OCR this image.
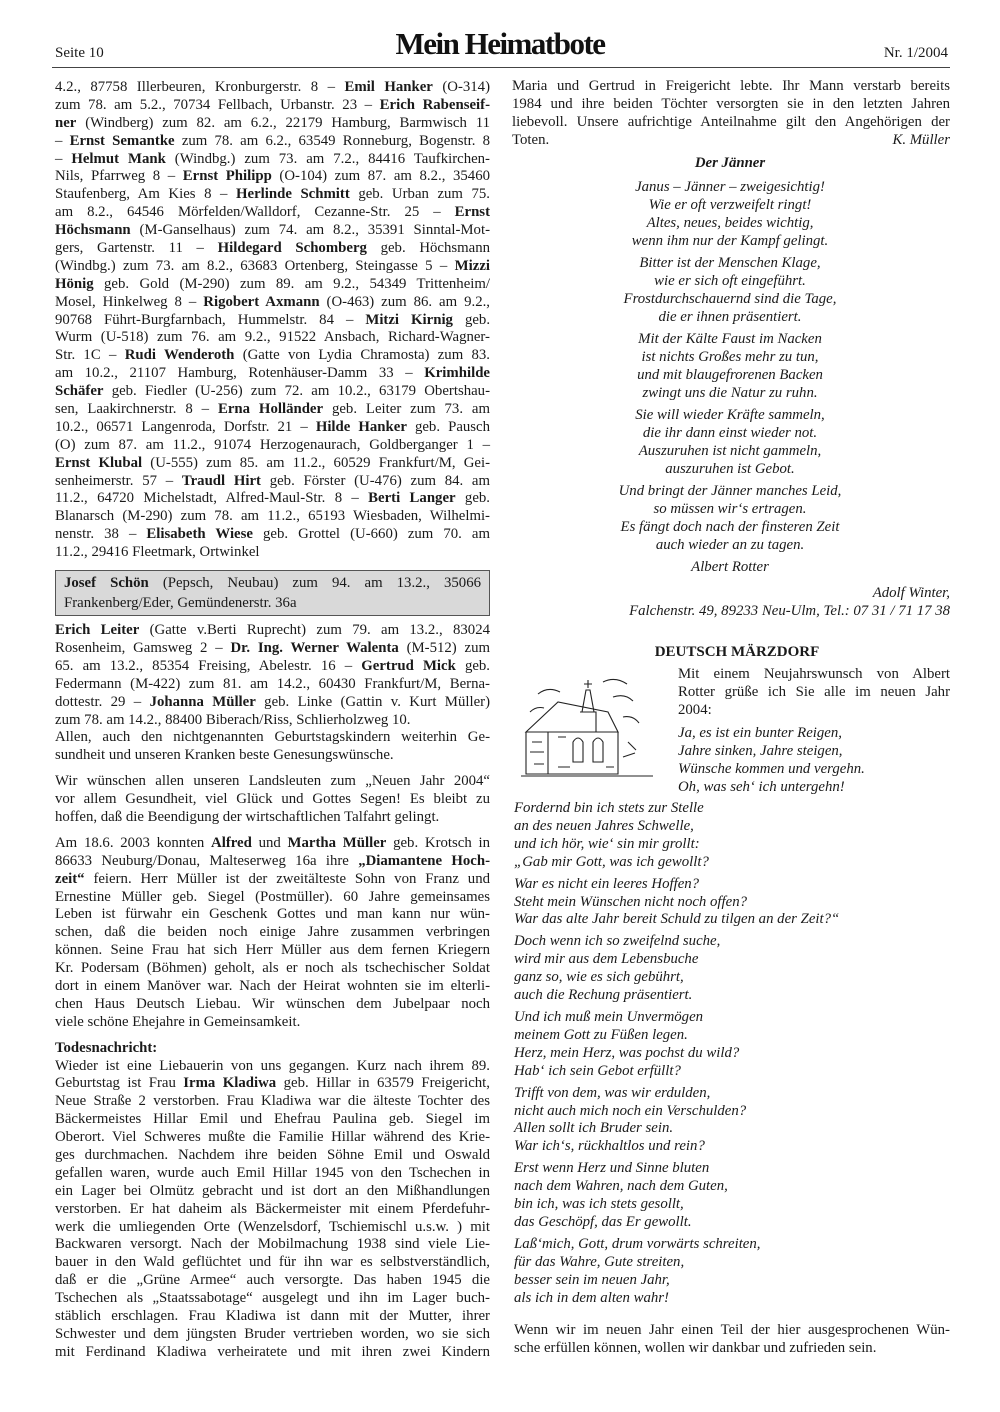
Seite 10	Mein Heimatbote	Nr. 1/2004
4.2., 87758 Illerbeuren, Kronburgerstr. 8 – Emil Hanker (O-314)
zum 78. am 5.2., 70734 Fellbach, Urbanstr. 23 – Erich Rabenseif-
ner (Windberg) zum 82. am 6.2., 22179 Hamburg, Barmwisch 11
– Ernst Semantke zum 78. am 6.2., 63549 Ronneburg, Bogenstr. 8
– Helmut Mank (Windbg.) zum 73. am 7.2., 84416 Taufkirchen-
Nils, Pfarrweg 8 – Ernst Philipp (O-104) zum 87. am 8.2., 35460
Staufenberg, Am Kies 8 – Herlinde Schmitt geb. Urban zum 75.
am 8.2., 64546 Mörfelden/Walldorf, Cezanne-Str. 25 – Ernst
Höchsmann (M-Ganselhaus) zum 74. am 8.2., 35391 Sinntal-Mot-
gers, Gartenstr. 11 – Hildegard Schomberg geb. Höchsmann
(Windbg.) zum 73. am 8.2., 63683 Ortenberg, Steingasse 5 – Mizzi
Hönig geb. Gold (M-290) zum 89. am 9.2., 54349 Trittenheim/
Mosel, Hinkelweg 8 – Rigobert Axmann (O-463) zum 86. am 9.2.,
90768 Führt-Burgfarnbach, Hummelstr. 84 – Mitzi Kirnig geb.
Wurm (U-518) zum 76. am 9.2., 91522 Ansbach, Richard-Wagner-
Str. 1C – Rudi Wenderoth (Gatte von Lydia Chramosta) zum 83.
am 10.2., 21107 Hamburg, Rotenhäuser-Damm 33 – Krimhilde
Schäfer geb. Fiedler (U-256) zum 72. am 10.2., 63179 Obertshau-
sen, Laakirchnerstr. 8 – Erna Holländer geb. Leiter zum 73. am
10.2., 06571 Langenroda, Dorfstr. 21 – Hilde Hanker geb. Pausch
(O) zum 87. am 11.2., 91074 Herzogenaurach, Goldberganger 1 –
Ernst Klubal (U-555) zum 85. am 11.2., 60529 Frankfurt/M, Gei-
senheimerstr. 57 – Traudl Hirt geb. Förster (U-476) zum 84. am
11.2., 64720 Michelstadt, Alfred-Maul-Str. 8 – Berti Langer geb.
Blanarsch (M-290) zum 78. am 11.2., 65193 Wiesbaden, Wilhelmi-
nenstr. 38 – Elisabeth Wiese geb. Grottel (U-660) zum 70. am
11.2., 29416 Fleetmark, Ortwinkel
Josef Schön (Pepsch, Neubau) zum 94. am 13.2., 35066
Frankenberg/Eder, Gemündenerstr. 36a
Erich Leiter (Gatte v.Berti Ruprecht) zum 79. am 13.2., 83024
Rosenheim, Gamsweg 2 – Dr. Ing. Werner Walenta (M-512) zum
65. am 13.2., 85354 Freising, Abelestr. 16 – Gertrud Mick geb.
Federmann (M-422) zum 81. am 14.2., 60430 Frankfurt/M, Berna-
dottestr. 29 – Johanna Müller geb. Linke (Gattin v. Kurt Müller)
zum 78. am 14.2., 88400 Biberach/Riss, Schlierholzweg 10.
Allen, auch den nichtgenannten Geburtstagskindern weiterhin Ge-
sundheit und unseren Kranken beste Genesungswünsche.
Wir wünschen allen unseren Landsleuten zum „Neuen Jahr 2004“
vor allem Gesundheit, viel Glück und Gottes Segen! Es bleibt zu
hoffen, daß die Beendigung der wirtschaftlichen Talfahrt gelingt.
Am 18.6. 2003 konnten Alfred und Martha Müller geb. Krotsch in
86633 Neuburg/Donau, Malteserweg 16a ihre „Diamantene Hoch-
zeit“ feiern. Herr Müller ist der zweitälteste Sohn von Franz und
Ernestine Müller geb. Siegel (Postmüller). 60 Jahre gemeinsames
Leben ist fürwahr ein Geschenk Gottes und man kann nur wün-
schen, daß die beiden noch einige Jahre zusammen verbringen
können. Seine Frau hat sich Herr Müller aus dem fernen Kriegern
Kr. Podersam (Böhmen) geholt, als er noch als tschechischer Soldat
dort in einem Manöver war. Nach der Heirat wohnten sie im elterli-
chen Haus Deutsch Liebau. Wir wünschen dem Jubelpaar noch
viele schöne Ehejahre in Gemeinsamkeit.
Todesnachricht:
Wieder ist eine Liebauerin von uns gegangen. Kurz nach ihrem 89.
Geburtstag ist Frau Irma Kladiwa geb. Hillar in 63579 Freigericht,
Neue Straße 2 verstorben. Frau Kladiwa war die älteste Tochter des
Bäckermeistes Hillar Emil und Ehefrau Paulina geb. Siegel im
Oberort. Viel Schweres mußte die Familie Hillar während des Krie-
ges durchmachen. Nachdem ihre beiden Söhne Emil und Oswald
gefallen waren, wurde auch Emil Hillar 1945 von den Tschechen in
ein Lager bei Olmütz gebracht und ist dort an den Mißhandlungen
verstorben. Er hat daheim als Bäckermeister mit einem Pferdefuhr-
werk die umliegenden Orte (Wenzelsdorf, Tschiemischl u.s.w. ) mit
Backwaren versorgt. Nach der Mobilmachung 1938 sind viele Lie-
bauer in den Wald geflüchtet und für ihn war es selbstverständlich,
daß er die „Grüne Armee“ auch versorgte. Das haben 1945 die
Tschechen als „Staatssabotage“ ausgelegt und ihn im Lager buch-
stäblich erschlagen. Frau Kladiwa ist dann mit der Mutter, ihrer
Schwester und dem jüngsten Bruder vertrieben worden, wo sie sich
mit Ferdinand Kladiwa verheiratete und mit ihren zwei Kindern
Maria und Gertrud in Freigericht lebte. Ihr Mann verstarb bereits
1984 und ihre beiden Töchter versorgten sie in den letzten Jahren
liebevoll. Unsere aufrichtige Anteilnahme gilt den Angehörigen der
Toten.	K. Müller
Der Jänner
Janus – Jänner – zweigesichtig!
Wie er oft verzweifelt ringt!
Altes, neues, beides wichtig,
wenn ihm nur der Kampf gelingt.
Bitter ist der Menschen Klage,
wie er sich oft eingeführt.
Frostdurchschauernd sind die Tage,
die er ihnen präsentiert.
Mit der Kälte Faust im Nacken
ist nichts Großes mehr zu tun,
und mit blaugefrorenen Backen
zwingt uns die Natur zu ruhn.
Sie will wieder Kräfte sammeln,
die ihr dann einst wieder not.
Auszuruhen ist nicht gammeln,
auszuruhen ist Gebot.
Und bringt der Jänner manches Leid,
so müssen wir‘s ertragen.
Es fängt doch nach der finsteren Zeit
auch wieder an zu tagen.
Albert Rotter
Adolf Winter,
Falchenstr. 49, 89233 Neu-Ulm, Tel.: 07 31 / 71 17 38
DEUTSCH MÄRZDORF
Mit einem Neujahrswunsch von Albert
Rotter grüße ich Sie alle im neuen Jahr
2004:
Ja, es ist ein bunter Reigen,
Jahre sinken, Jahre steigen,
Wünsche kommen und vergehn.
Oh, was seh‘ ich untergehn!
Fordernd bin ich stets zur Stelle
an des neuen Jahres Schwelle,
und ich hör, wie‘ sin mir grollt:
„Gab mir Gott, was ich gewollt?
War es nicht ein leeres Hoffen?
Steht mein Wünschen nicht noch offen?
War das alte Jahr bereit Schuld zu tilgen an der Zeit?“
Doch wenn ich so zweifelnd suche,
wird mir aus dem Lebensbuche
ganz so, wie es sich gebührt,
auch die Rechung präsentiert.
Und ich muß mein Unvermögen
meinem Gott zu Füßen legen.
Herz, mein Herz, was pochst du wild?
Hab‘ ich sein Gebot erfüllt?
Trifft von dem, was wir erdulden,
nicht auch mich noch ein Verschulden?
Allen sollt ich Bruder sein.
War ich‘s, rückhaltlos und rein?
Erst wenn Herz und Sinne bluten
nach dem Wahren, nach dem Guten,
bin ich, was ich stets gesollt,
das Geschöpf, das Er gewollt.
Laß‘mich, Gott, drum vorwärts schreiten,
für das Wahre, Gute streiten,
besser sein im neuen Jahr,
als ich in dem alten wahr!
Wenn wir im neuen Jahr einen Teil der hier ausgesprochenen Wün-
sche erfüllen können, wollen wir dankbar und zufrieden sein.
